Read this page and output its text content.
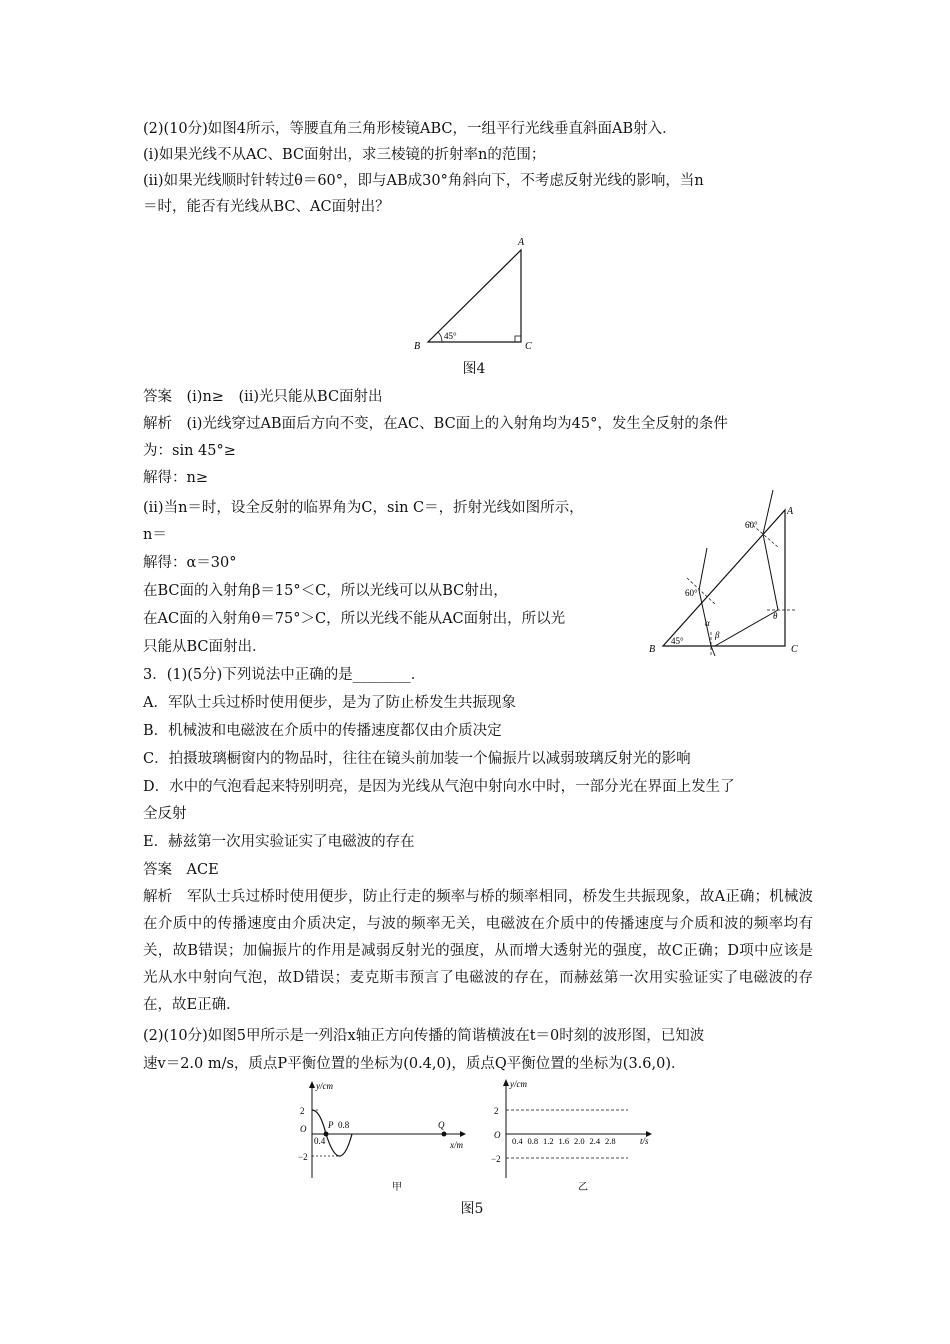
(2)(10分)如图4所示，等腰直角三角形棱镜ABC，一组平行光线垂直斜面AB射入．
(ⅰ)如果光线不从AC、BC面射出，求三棱镜的折射率n的范围；
(ⅱ)如果光线顺时针转过θ＝60°，即与AB成30°角斜向下，不考虑反射光线的影响，当n
＝时，能否有光线从BC、AC面射出？
A
B	C
45°
图4
答案　(ⅰ)n≥　(ⅱ)光只能从BC面射出
解析　(ⅰ)光线穿过AB面后方向不变，在AC、BC面上的入射角均为45°，发生全反射的条件
为：sin 45°≥
解得：n≥
(ⅱ)当n＝时，设全反射的临界角为C，sin C＝，折射光线如图所示，
n＝
解得：α＝30°
在BC面的入射角β＝15°＜C，所以光线可以从BC射出，
在AC面的入射角θ＝75°＞C，所以光线不能从AC面射出，所以光
只能从BC面射出．
A
B	C
60°
60°
45°
α
β
θ
3．(1)(5分)下列说法中正确的是________．
A．军队士兵过桥时使用便步，是为了防止桥发生共振现象
B．机械波和电磁波在介质中的传播速度都仅由介质决定
C．拍摄玻璃橱窗内的物品时，往往在镜头前加装一个偏振片以减弱玻璃反射光的影响
D．水中的气泡看起来特别明亮，是因为光线从气泡中射向水中时，一部分光在界面上发生了
全反射
E．赫兹第一次用实验证实了电磁波的存在
答案　ACE
解析　军队士兵过桥时使用便步，防止行走的频率与桥的频率相同，桥发生共振现象，故A正确；机械波在介质中的传播速度由介质决定，与波的频率无关，电磁波在介质中的传播速度与介质和波的频率均有关，故B错误；加偏振片的作用是减弱反射光的强度，从而增大透射光的强度，故C正确；D项中应该是光从水中射向气泡，故D错误；麦克斯韦预言了电磁波的存在，而赫兹第一次用实验证实了电磁波的存在，故E正确．
(2)(10分)如图5甲所示是一列沿x轴正方向传播的简谐横波在t＝0时刻的波形图，已知波
速v＝2.0 m/s，质点P平衡位置的坐标为(0.4,0)，质点Q平衡位置的坐标为(3.6,0)．
y/cm
x/m
2
−2
O P 0.8
0.4
Q
甲
y/cm
t/s
2
−2
O
0.4 0.8 1.2 1.6 2.0 2.4 2.8
乙
图5
